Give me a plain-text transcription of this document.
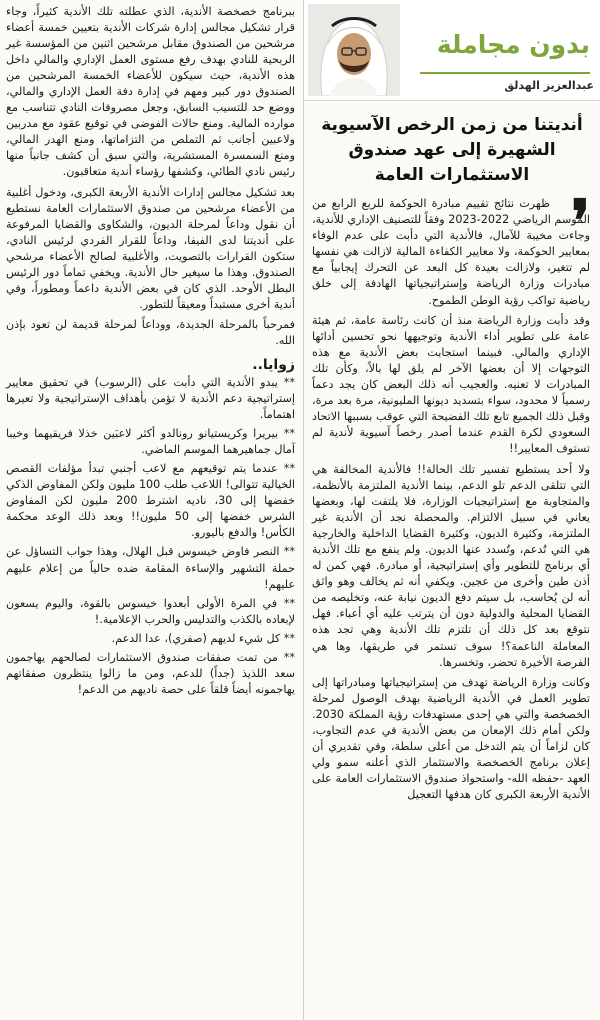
بدون مجاملة
عبدالعزيز الهدلق
أنديتنا من زمن الرخص الآسيوية الشهيرة إلى عهد صندوق الاستثمارات العامة
❜

ظهرت نتائج تقييم مبادرة الحوكمة للربع الرابع من الموسم الرياضي 2022-2023 وفقاً للتصنيف الإداري للأندية، وجاءت مخيبة للآمال، فالأندية التي دأبت على عدم الوفاء بمعايير الحوكمة، ولا معايير الكفاءة المالية لازالت هي نفسها لم تتغير، ولازالت بعيدة كل البعد عن التحرك إيجابياً مع مبادرات وزارة الرياضة وإستراتيجياتها الهادفة إلى خلق رياضية تواكب رؤية الوطن الطموح.

وقد دأبت وزارة الرياضة منذ أن كانت رئاسة عامة، ثم هيئة عامة على تطوير أداء الأندية وتوجيهها نحو تحسين أدائها الإداري والمالي. فبينما استجابت بعض الأندية مع هذه التوجهات إلا أن بعضها الآخر لم يلق لها بالاً، وكأن تلك المبادرات لا تعنيه. والعجيب أنه ذلك البعض كان يجد دعماً رسمياً لا محدود، سواء بتسديد ديونها المليونية، مرة بعد مرة، وقبل ذلك الجميع تابع تلك الفضيحة التي عوقب بسببها الاتحاد السعودي لكرة القدم عندما أصدر رخصاً آسيوية لأندية لم تستوف المعايير!!

ولا أحد يستطيع تفسير تلك الحالة!! فالأندية المخالفة هي التي تتلقى الدعم تلو الدعم، بينما الأندية الملتزمة بالأنظمة، والمتجاوبة مع إستراتيجيات الوزارة، فلا يلتفت لها، وبعضها يعاني في سبيل الالتزام. والمحصلة نجد أن الأندية غير الملتزمة، وكثيرة الديون، وكثيرة القضايا الداخلية والخارجية هي التي تُدعم، وتُسدد عنها الديون. ولم ينفع مع تلك الأندية أي برنامج للتطوير وأي إستراتيجية، أو مبادرة. فهي كمن له أذن طين وأخرى من عجين. ويكفي أنه ثم يخالف وهو واثق أنه لن يُحاسب، بل سيتم دفع الديون نيابة عنه، وتخليصه من القضايا المحلية والدولية دون أن يترتب عليه أي أعباء. فهل نتوقع بعد كل ذلك أن تلتزم تلك الأندية وهي تجد هذه المعاملة الناعمة؟! سوف تستمر في طريقها، وها هي الفرصة الأخيرة تحضر، وتخسرها.

وكانت وزارة الرياضة تهدف من إستراتيجياتها ومبادراتها إلى تطوير العمل في الأندية الرياضية بهدف الوصول لمرحلة الخصخصة والتي هي إحدى مستهدفات رؤية المملكة 2030. ولكن أمام ذلك الإمعان من بعض الأندية في عدم التجاوب، كان لزاماً أن يتم التدخل من أعلى سلطة، وفي تقديري أن إعلان برنامج الخصخصة والاستثمار الذي أعلنه سمو ولي العهد -حفظه الله- واستحواذ صندوق الاستثمارات العامة على الأندية الأربعة الكبرى كان هدفها التعجيل

ببرنامج خصخصة الأندية، الذي عطلته تلك الأندية كثيراً، وجاء قرار تشكيل مجالس إدارة شركات الأندية بتعيين خمسة أعضاء مرشحين من الصندوق مقابل مرشحين اثنين من المؤسسة غير الربحية للنادي بهدف رفع مستوى العمل الإداري والمالي داخل هذه الأندية، حيث سيكون للأعضاء الخمسة المرشحين من الصندوق دور كبير ومهم في إدارة دفة العمل الإداري والمالي، ووضع حد للتسيب السابق، وجعل مصروفات النادي تتناسب مع موارده المالية. ومنع حالات الفوضى في توقيع عقود مع مدربين ولاعبين أجانب ثم التملص من التزاماتها، ومنع الهدر المالي، ومنع السمسرة المستشرية، والتي سبق أن كشف جانباً منها رئيس نادي الطائي، وكشفها رؤساء أندية متعاقبون.

بعد تشكيل مجالس إدارات الأندية الأربعة الكبرى، ودخول أغلبية من الأعضاء مرشحين من صندوق الاستثمارات العامة نستطيع أن نقول وداعاً لمرحلة الديون، والشكاوى والقضايا المرفوعة على أنديتنا لدى الفيفا، وداعاً للقرار الفردي لرئيس النادي، ستكون القرارات بالتصويت، والأغلبية لصالح الأعضاء مرشحي الصندوق. وهذا ما سيغير حال الأندية. ويخفي تماماً دور الرئيس البطل الأوحد. الذي كان في بعض الأندية داعماً ومطوراً، وفي أندية أخرى مستبداً ومعيقاً للتطور.

فمرحباً بالمرحلة الجديدة، ووداعاً لمرحلة قديمة لن تعود بإذن الله.

زوايا..

** يبدو الأندية التي دأبت على (الرسوب) في تحقيق معايير إستراتيجية دعم الأندية لا تؤمن بأهداف الإستراتيجية ولا تعيرها اهتماماً.

** بيريرا وكريستيانو رونالدو أكثر لاعبَين خذلا فريقيهما وخيبا آمال جماهيرهما الموسم الماضي.

** عندما يتم توقيعهم مع لاعب أجنبي تبدأ مؤلفات القصص الخيالية تتوالى! اللاعب طلب 100 مليون ولكن المفاوض الذكي خفضها إلى 30، ناديه اشترط 200 مليون لكن المفاوض الشرس خفضها إلى 50 مليون!! وبعد ذلك الوعد محكمة الكأس! والدفع باليورو.

** النصر فاوض خيسوس قبل الهلال، وهذا جواب التساؤل عن حملة التشهير والإساءة المقامة ضده حالياً من إعلام عليهم عليهم!

** في المرة الأولى أبعدوا خيسوس بالقوة، واليوم يسعون لإبعاده بالكذب والتدليس والحرب الإعلامية.!

** كل شيء لديهم (صفري)، عدا الدعم.

** من تمت صفقات صندوق الاستثمارات لصالحهم يهاجمون سعد اللذيذ (جداً) للدعم، ومن ما زالوا ينتظرون صفقاتهم يهاجمونه أيضاً قلقاً على حصة ناديهم من الدعم!
